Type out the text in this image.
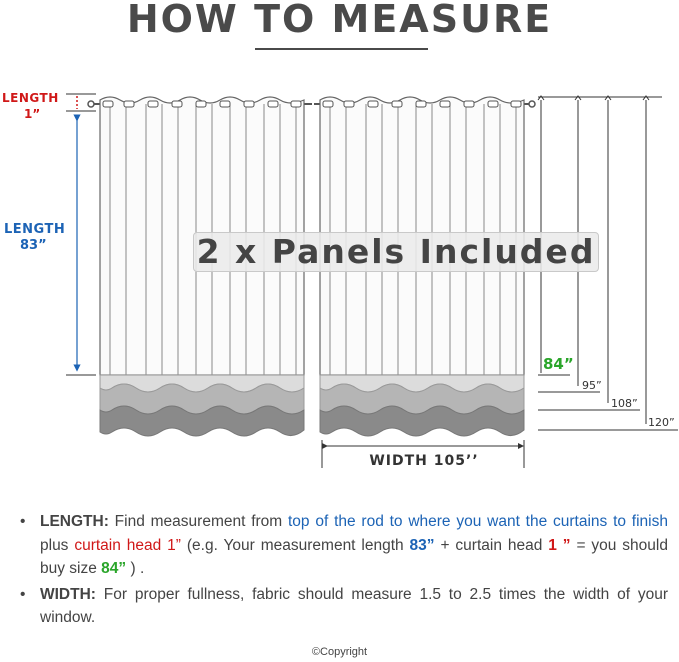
HOW TO MEASURE
LENGTH
1”
LENGTH
83”	2 x Panels Included
84”
95”
108”
120”
WIDTH 105’’
• LENGTH: Find measurement from top of the rod to where you want the curtains to finish plus curtain head 1” (e.g. Your measurement length 83” + curtain head 1 ” = you should buy size 84” ) .
• WIDTH: For proper fullness, fabric should measure 1.5 to 2.5 times the width of your window.
©Copyright
